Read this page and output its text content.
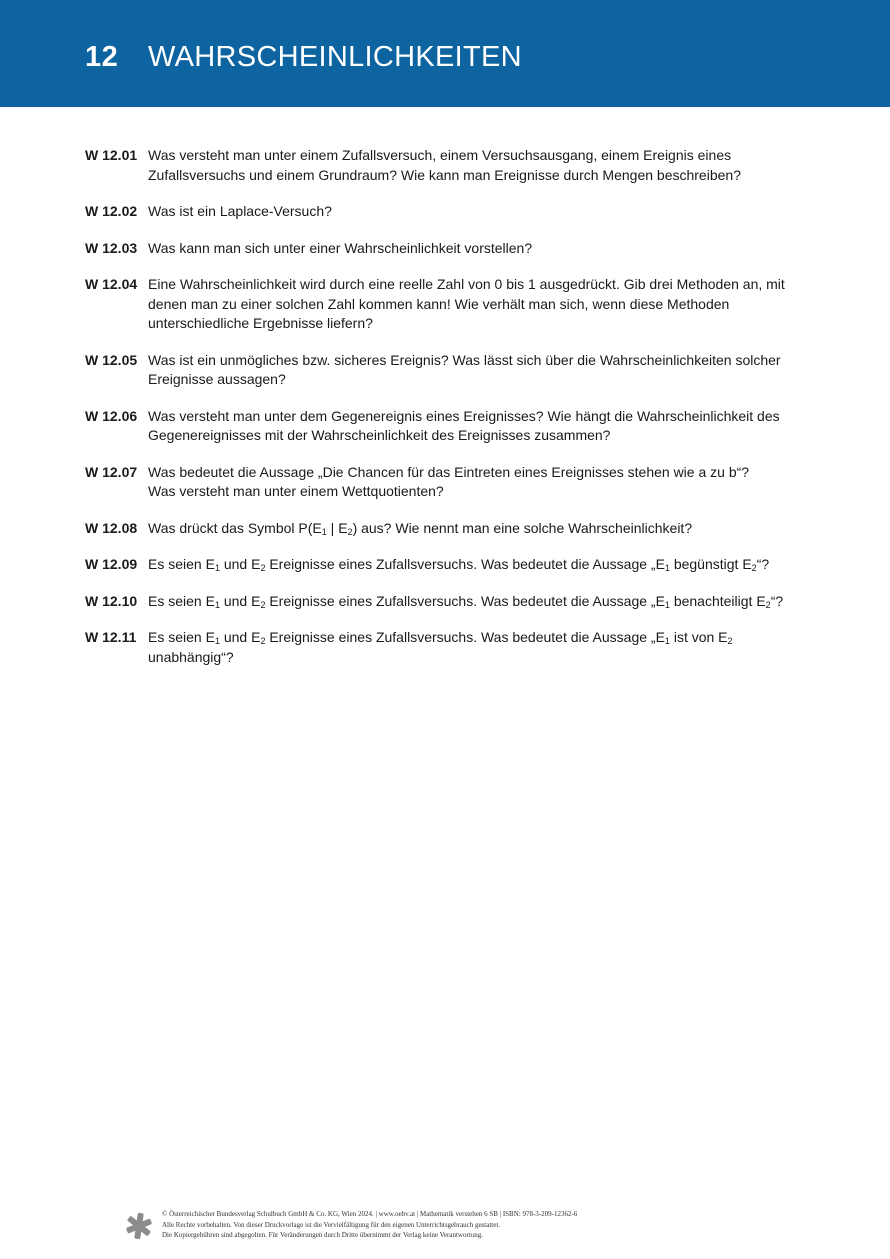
12 WAHRSCHEINLICHKEITEN
W 12.01 Was versteht man unter einem Zufallsversuch, einem Versuchsausgang, einem Ereignis eines Zufallsversuchs und einem Grundraum? Wie kann man Ereignisse durch Mengen beschreiben?
W 12.02 Was ist ein Laplace-Versuch?
W 12.03 Was kann man sich unter einer Wahrscheinlichkeit vorstellen?
W 12.04 Eine Wahrscheinlichkeit wird durch eine reelle Zahl von 0 bis 1 ausgedrückt. Gib drei Methoden an, mit denen man zu einer solchen Zahl kommen kann! Wie verhält man sich, wenn diese Methoden unterschiedliche Ergebnisse liefern?
W 12.05 Was ist ein unmögliches bzw. sicheres Ereignis? Was lässt sich über die Wahrscheinlichkeiten solcher Ereignisse aussagen?
W 12.06 Was versteht man unter dem Gegenereignis eines Ereignisses? Wie hängt die Wahrscheinlichkeit des Gegenereignisses mit der Wahrscheinlichkeit des Ereignisses zusammen?
W 12.07 Was bedeutet die Aussage „Die Chancen für das Eintreten eines Ereignisses stehen wie a zu b“?
Was versteht man unter einem Wettquotienten?
W 12.08 Was drückt das Symbol $P(E_1$ | $E_2$) aus? Wie nennt man eine solche Wahrscheinlichkeit?
W 12.09 Es seien $E_1$ und $E_2$ Ereignisse eines Zufallsversuchs. Was bedeutet die Aussage $„E_1$ begünstigt $E_2“$?
W 12.10 Es seien $E_1$ und $E_2$ Ereignisse eines Zufallsversuchs. Was bedeutet die Aussage $„E_1$ benachteiligt $E_2“$?
W 12.11 Es seien $E_1$ und $E_2$ Ereignisse eines Zufallsversuchs. Was bedeutet die Aussage $„E_1$ ist von $E_2$
unabhängig“?
© Österreichischer Bundesverlag Schulbuch GmbH & Co. KG, Wien 2024. | www.oebv.at | Mathematik verstehen 6 SB | ISBN: 978-3-209-12362-6
Alle Rechte vorbehalten. Von dieser Druckvorlage ist die Vervielfältigung für den eigenen Unterrichtsgebrauch gestattet.
Die Kopiergebühren sind abgegolten. Für Veränderungen durch Dritte übernimmt der Verlag keine Verantwortung.
